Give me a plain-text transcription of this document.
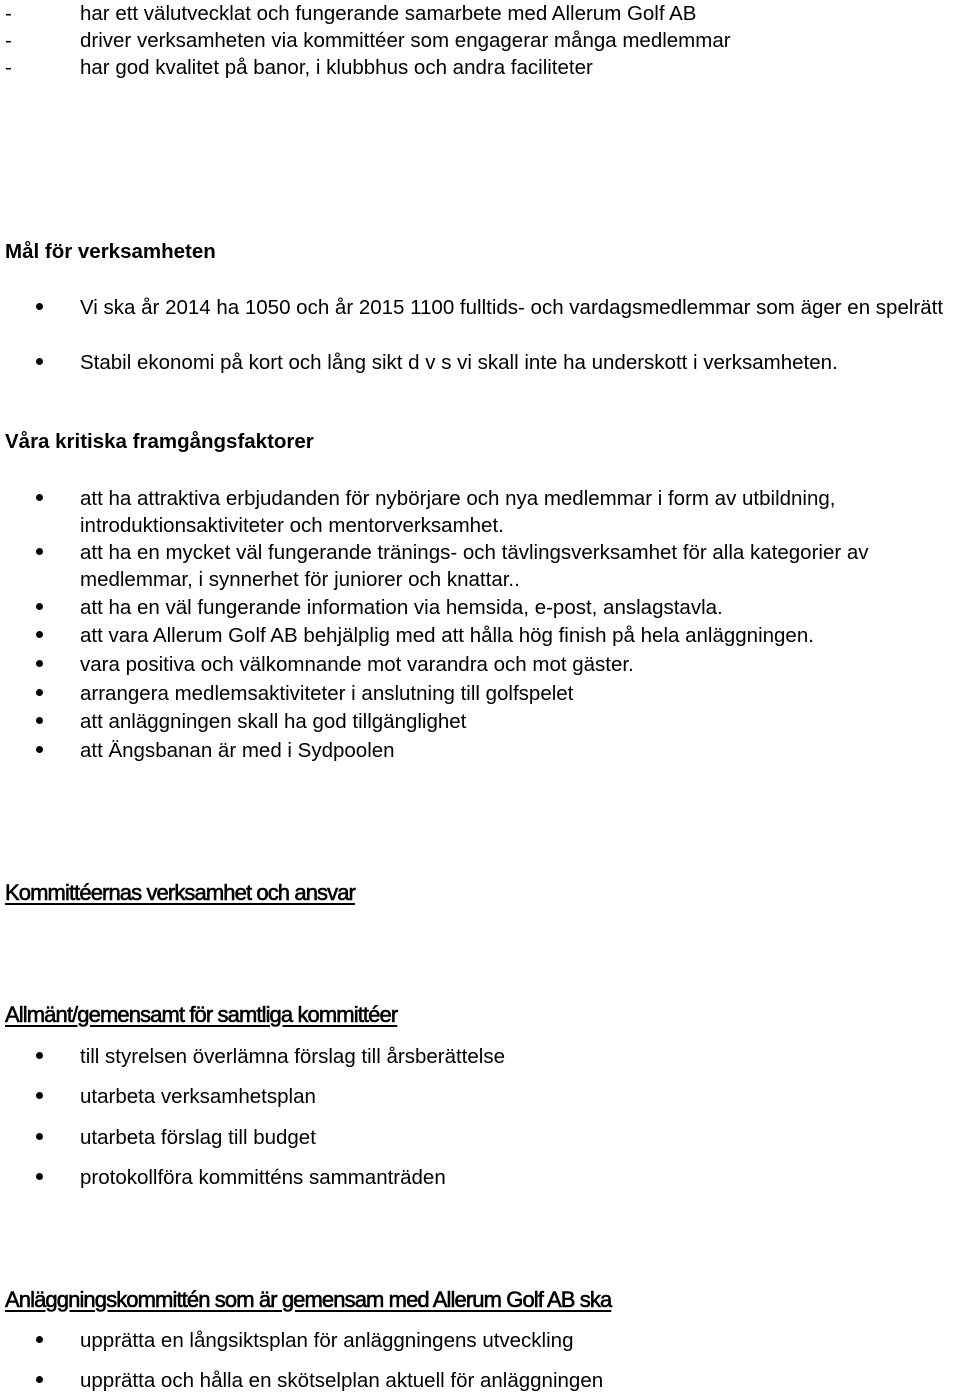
-	har ett välutvecklat och fungerande samarbete med Allerum Golf AB
-	driver verksamheten via kommittéer som engagerar många medlemmar
-	har god kvalitet på banor, i klubbhus och andra faciliteter
Mål för verksamheten
Vi ska år 2014 ha 1050 och år 2015 1100 fulltids- och vardagsmedlemmar som äger en spelrätt
Stabil ekonomi på kort och lång sikt d v s vi skall inte ha underskott i verksamheten.
Våra kritiska framgångsfaktorer
att ha attraktiva erbjudanden för nybörjare och nya medlemmar i form av utbildning, introduktionsaktiviteter och mentorverksamhet.
att ha en mycket väl fungerande tränings- och tävlingsverksamhet för alla kategorier av medlemmar, i synnerhet för juniorer och knattar..
att ha en väl fungerande information via hemsida, e-post, anslagstavla.
att vara Allerum Golf AB behjälplig med att hålla hög finish på hela anläggningen.
vara positiva och välkomnande mot varandra och mot gäster.
arrangera medlemsaktiviteter i anslutning till golfspelet
att anläggningen skall ha god tillgänglighet
att Ängsbanan är med i Sydpoolen
Kommittéernas verksamhet och ansvar
Allmänt/gemensamt för samtliga kommittéer
till styrelsen överlämna förslag till årsberättelse
utarbeta verksamhetsplan
utarbeta förslag till budget
protokollföra kommitténs sammanträden
Anläggningskommittén som är gemensam med Allerum Golf AB ska
upprätta en långsiktsplan för anläggningens utveckling
upprätta och hålla en skötselplan aktuell för anläggningen
